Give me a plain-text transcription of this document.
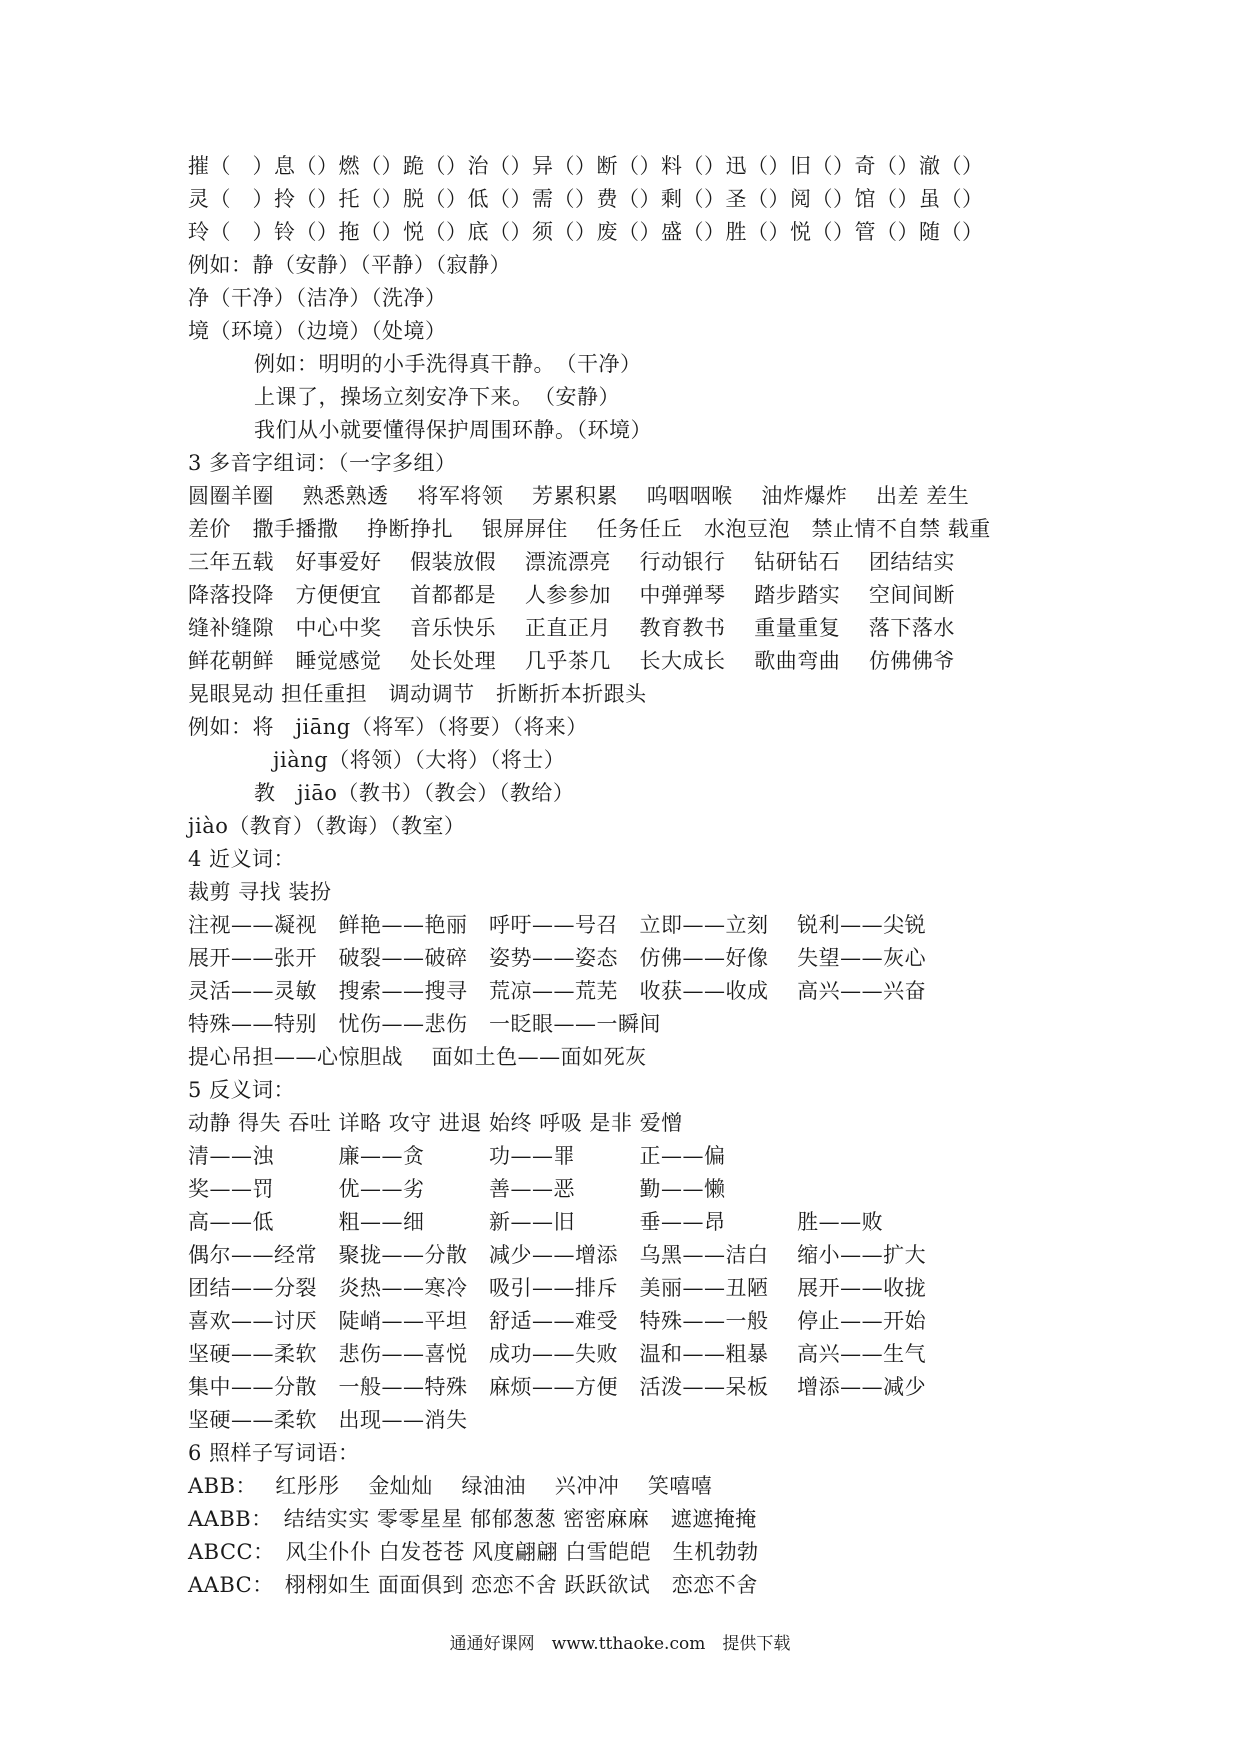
摧（　）息（）燃（）跪（）治（）异（）断（）料（）迅（）旧（）奇（）澈（）
灵（　）拎（）托（）脱（）低（）需（）费（）剩（）圣（）阅（）馆（）虽（）
玲（　）铃（）拖（）悦（）底（）须（）废（）盛（）胜（）悦（）管（）随（）
例如：静（安静）（平静）（寂静）
净（干净）（洁净）（洗净）
境（环境）（边境）（处境）
例如：明明的小手洗得真干静。　（干净）
上课了，操场立刻安净下来。　（安静）
我们从小就要懂得保护周围环静。（环境）
3 多音字组词：（一字多组）
圆圈羊圈　 熟悉熟透　 将军将领　 芳累积累　 呜咽咽喉　 油炸爆炸　 出差 差生
差价　撒手播撒　 挣断挣扎　 银屏屏住　 任务任丘　水泡豆泡　禁止情不自禁 载重
三年五载　好事爱好　 假装放假　 漂流漂亮　 行动银行　 钻研钻石　 团结结实
降落投降　方便便宜　 首都都是　 人参参加　 中弹弹琴　 踏步踏实　 空间间断
缝补缝隙　中心中奖　 音乐快乐　 正直正月　 教育教书　 重量重复　 落下落水
鲜花朝鲜　睡觉感觉　 处长处理　 几乎茶几　 长大成长　 歌曲弯曲　 仿佛佛爷
晃眼晃动 担任重担　调动调节　折断折本折跟头
例如：将　jiāng（将军）（将要）（将来）
jiàng（将领）（大将）（将士）
教　jiāo（教书）（教会）（教给）
jiào（教育）（教诲）（教室）
4 近义词：
裁剪 寻找 装扮
注视——凝视　鲜艳——艳丽　呼吁——号召　立即——立刻　 锐利——尖锐
展开——张开　破裂——破碎　姿势——姿态　仿佛——好像　 失望——灰心
灵活——灵敏　搜索——搜寻　荒凉——荒芜　收获——收成　 高兴——兴奋
特殊——特别　忧伤——悲伤　一眨眼——一瞬间
提心吊担——心惊胆战　 面如土色——面如死灰
5 反义词：
动静 得失 吞吐 详略 攻守 进退 始终 呼吸 是非 爱憎
清——浊　　　廉——贪　　　功——罪　　　正——偏
奖——罚　　　优——劣　　　善——恶　　　勤——懒
高——低　　　粗——细　　　新——旧　　　垂——昂　　　 胜——败
偶尔——经常　聚拢——分散　减少——增添　乌黑——洁白　 缩小——扩大
团结——分裂　炎热——寒冷　吸引——排斥　美丽——丑陋　 展开——收拢
喜欢——讨厌　陡峭——平坦　舒适——难受　特殊——一般　 停止——开始
坚硬——柔软　悲伤——喜悦　成功——失败　温和——粗暴　 高兴——生气
集中——分散　一般——特殊　麻烦——方便　活泼——呆板　 增添——减少
坚硬——柔软　出现——消失
6 照样子写词语：
ABB：　 红彤彤　 金灿灿　 绿油油　 兴冲冲　 笑嘻嘻
AABB：　结结实实 零零星星 郁郁葱葱 密密麻麻　遮遮掩掩
ABCC：　风尘仆仆 白发苍苍 风度翩翩 白雪皑皑　生机勃勃
AABC：　栩栩如生 面面俱到 恋恋不舍 跃跃欲试　恋恋不舍
通通好课网　www.tthaoke.com　提供下载
